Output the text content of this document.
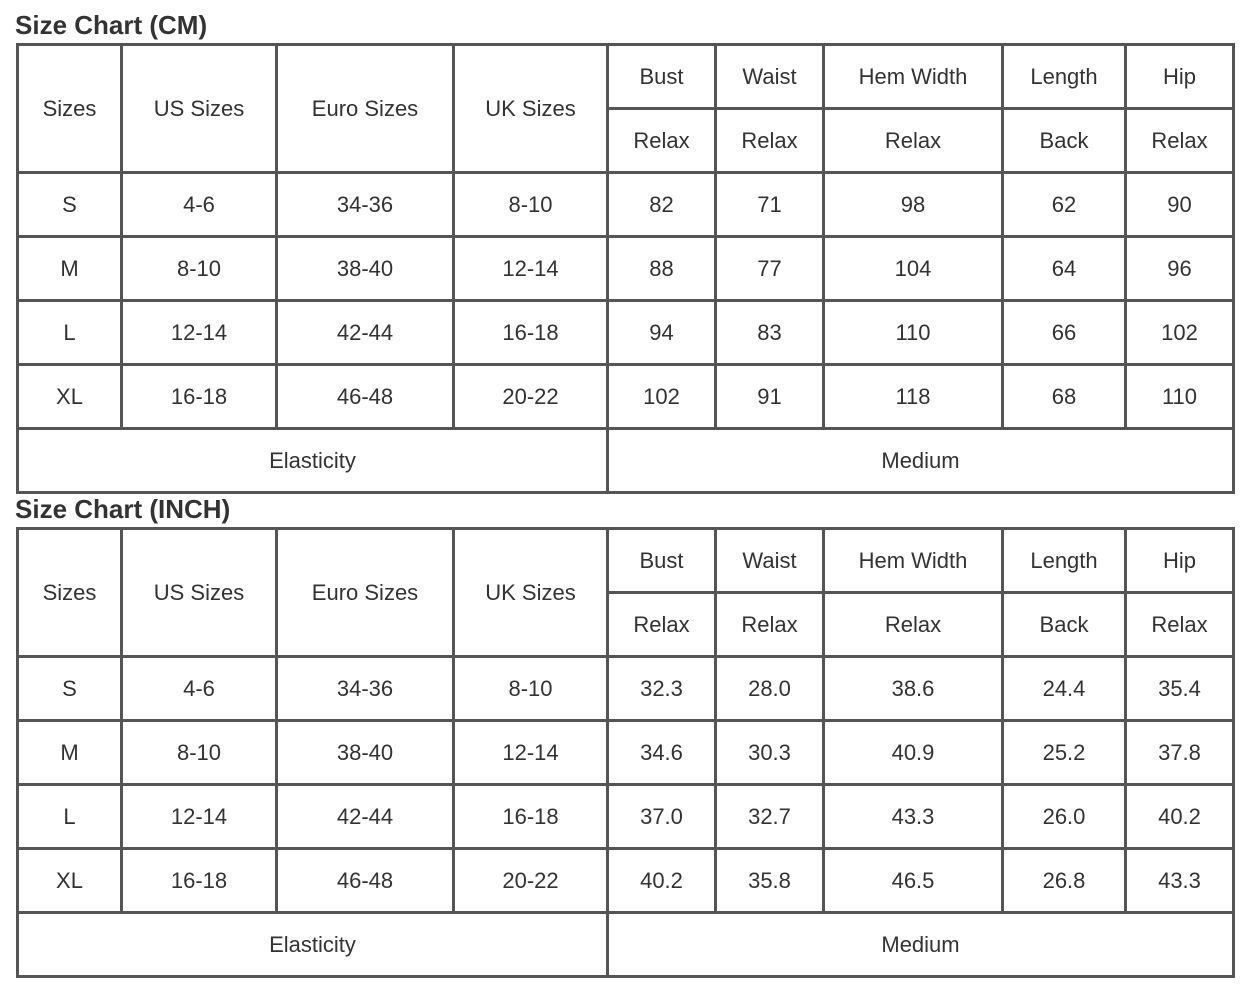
Size Chart (CM)
Sizes	US Sizes	Euro Sizes	UK Sizes	Bust	Waist	Hem Width	Length	Hip
				Relax	Relax	Relax	Back	Relax
S	4-6	34-36	8-10	82	71	98	62	90
M	8-10	38-40	12-14	88	77	104	64	96
L	12-14	42-44	16-18	94	83	110	66	102
XL	16-18	46-48	20-22	102	91	118	68	110
Elasticity				Medium				
Size Chart (INCH)
Sizes	US Sizes	Euro Sizes	UK Sizes	Bust	Waist	Hem Width	Length	Hip
				Relax	Relax	Relax	Back	Relax
S	4-6	34-36	8-10	32.3	28.0	38.6	24.4	35.4
M	8-10	38-40	12-14	34.6	30.3	40.9	25.2	37.8
L	12-14	42-44	16-18	37.0	32.7	43.3	26.0	40.2
XL	16-18	46-48	20-22	40.2	35.8	46.5	26.8	43.3
Elasticity				Medium				
